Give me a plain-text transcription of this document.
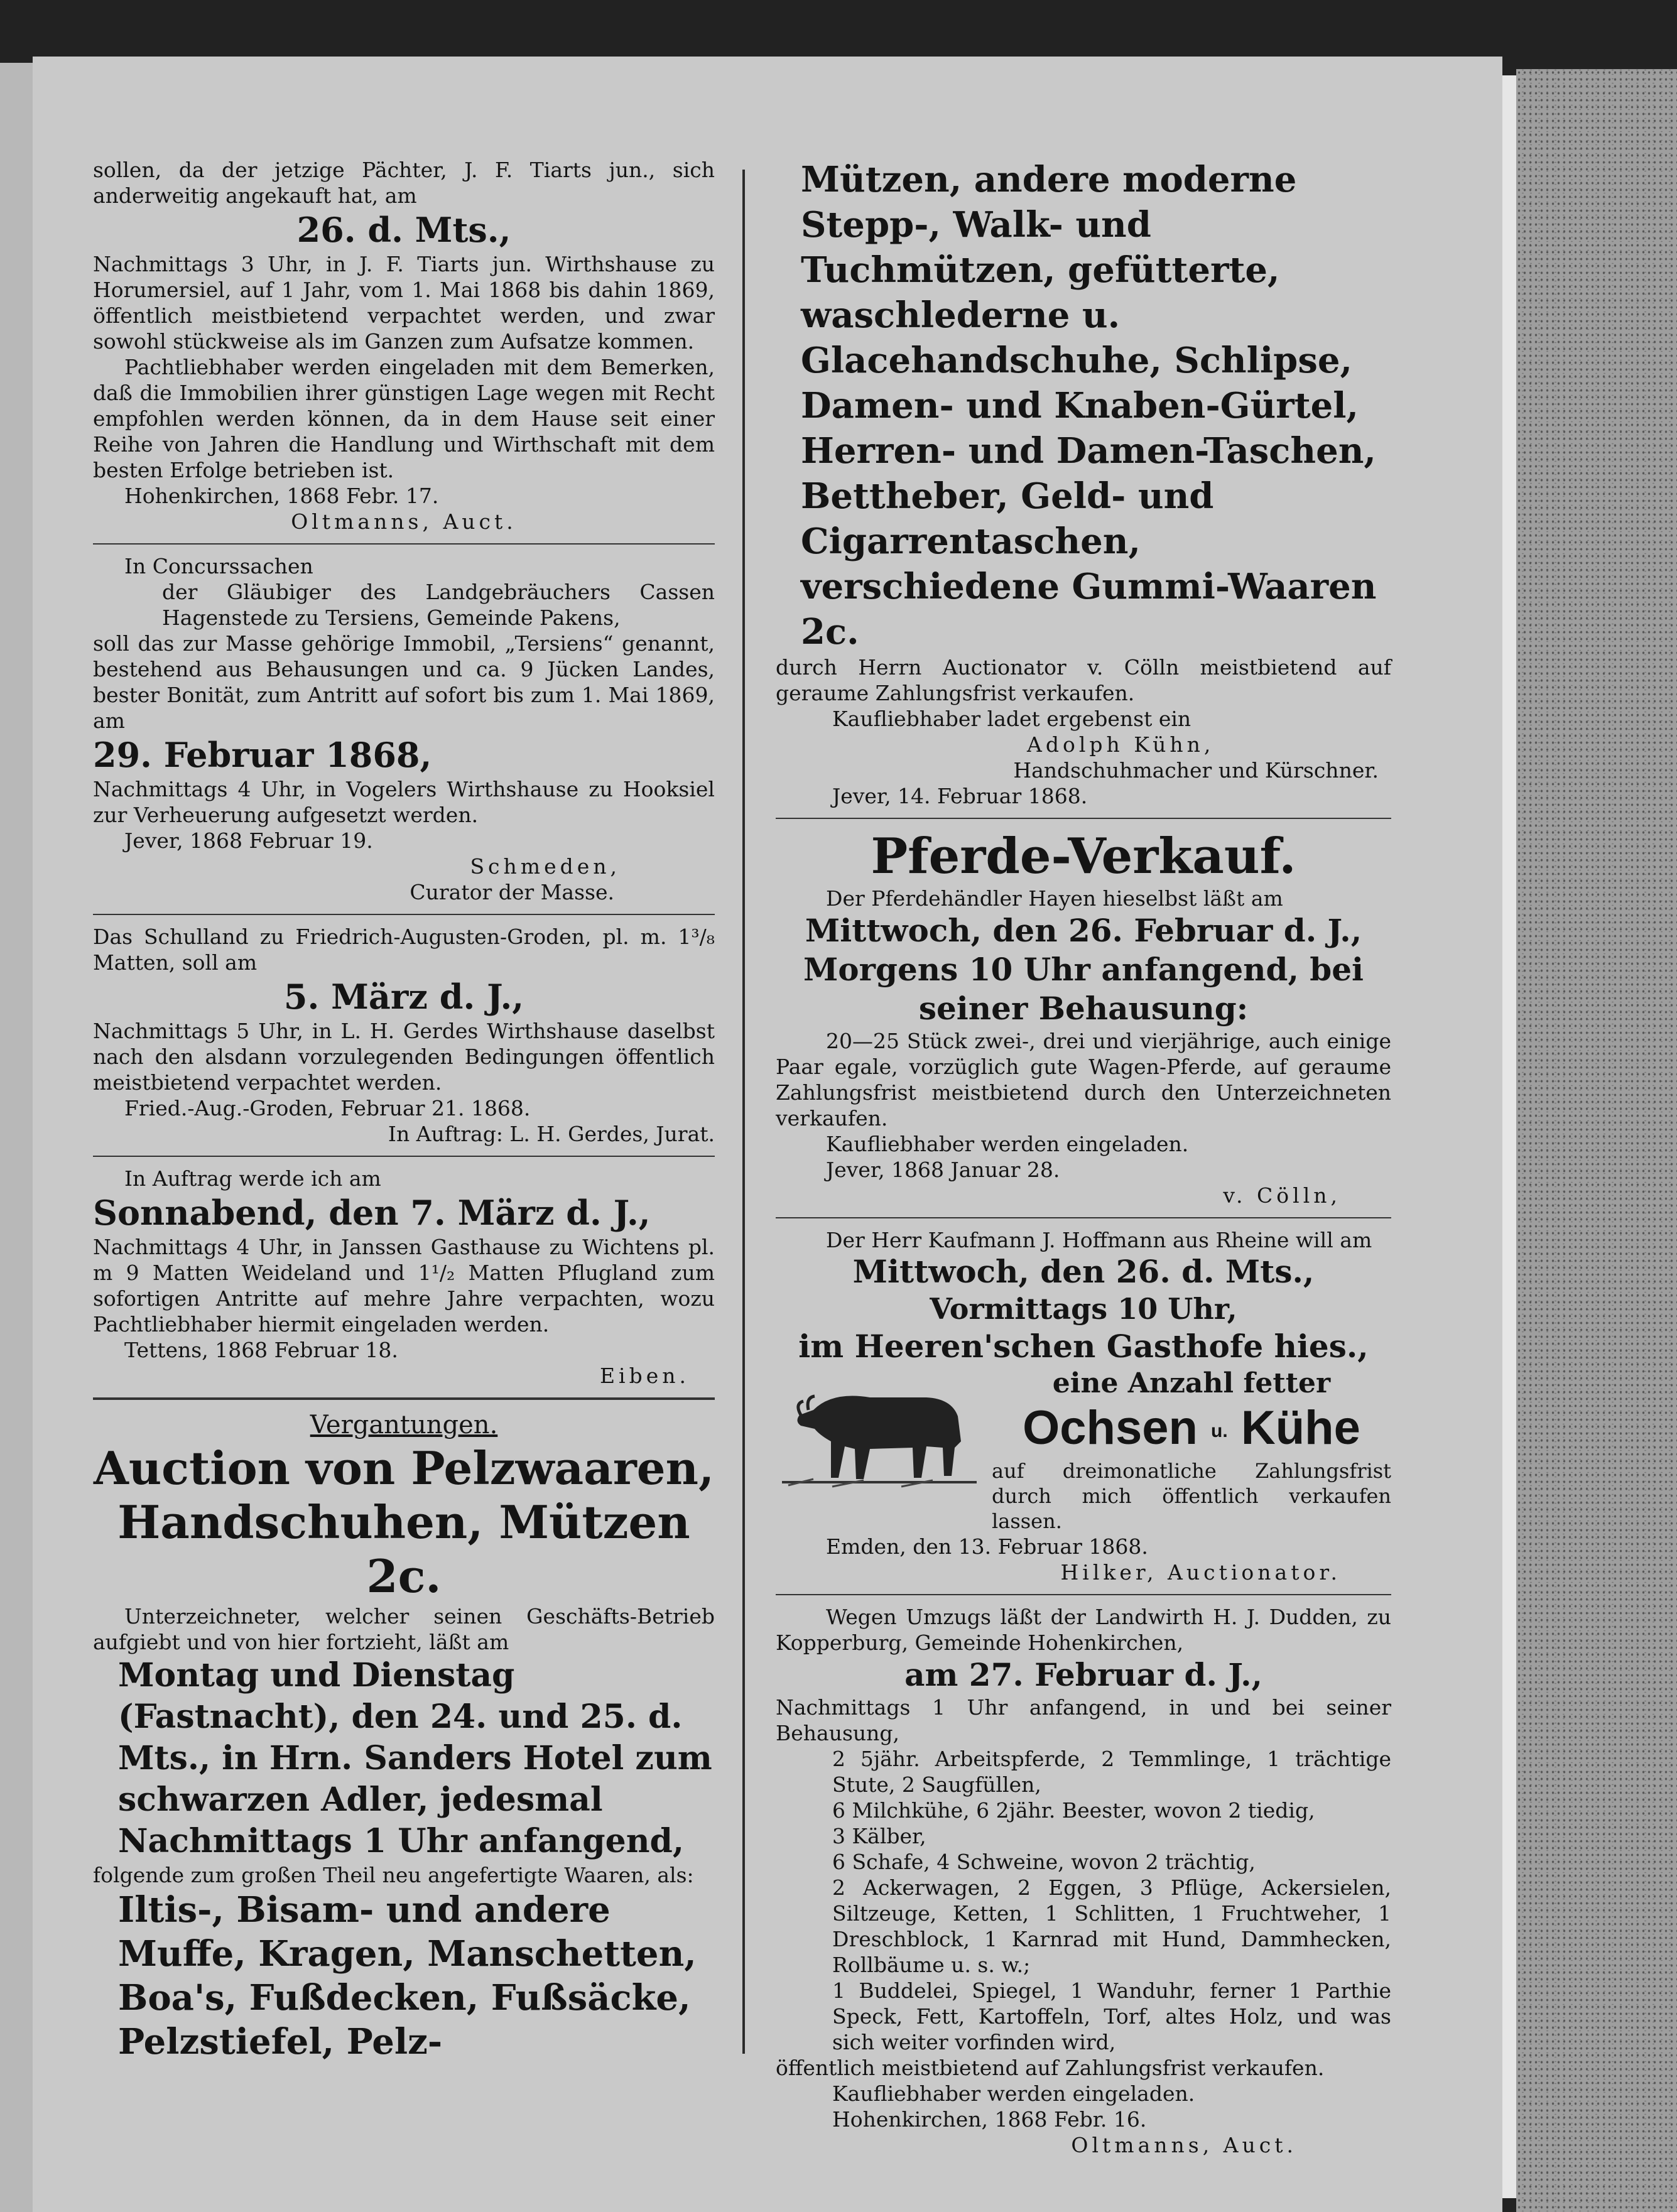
sollen, da der jetzige Pächter, J. F. Tiarts jun., sich anderweitig angekauft hat, am

26. d. Mts.,

Nachmittags 3 Uhr, in J. F. Tiarts jun. Wirthshause zu Horumersiel, auf 1 Jahr, vom 1. Mai 1868 bis dahin 1869, öffentlich meistbietend verpachtet werden, und zwar sowohl stückweise als im Ganzen zum Aufsatze kommen.

Pachtliebhaber werden eingeladen mit dem Bemerken, daß die Immobilien ihrer günstigen Lage wegen mit Recht empfohlen werden können, da in dem Hause seit einer Reihe von Jahren die Handlung und Wirthschaft mit dem besten Erfolge betrieben ist.

Hohenkirchen, 1868 Febr. 17.

Oltmanns, Auct.

In Concurssachen

der Gläubiger des Landgebräuchers Cassen Hagenstede zu Tersiens, Gemeinde Pakens,

soll das zur Masse gehörige Immobil, „Tersiens“ genannt, bestehend aus Behausungen und ca. 9 Jücken Landes, bester Bonität, zum Antritt auf sofort bis zum 1. Mai 1869, am

29. Februar 1868,

Nachmittags 4 Uhr, in Vogelers Wirthshause zu Hooksiel zur Verheuerung aufgesetzt werden.

Jever, 1868 Februar 19.

Schmeden,

Curator der Masse.

Das Schulland zu Friedrich-Augusten-Groden, pl. m. 1³/₈ Matten, soll am

5. März d. J.,

Nachmittags 5 Uhr, in L. H. Gerdes Wirthshause daselbst nach den alsdann vorzulegenden Bedingungen öffentlich meistbietend verpachtet werden.

Fried.-Aug.-Groden, Februar 21. 1868.

In Auftrag: L. H. Gerdes, Jurat.

In Auftrag werde ich am

Sonnabend, den 7. März d. J.,

Nachmittags 4 Uhr, in Janssen Gasthause zu Wichtens pl. m 9 Matten Weideland und 1¹/₂ Matten Pflugland zum sofortigen Antritte auf mehre Jahre verpachten, wozu Pachtliebhaber hiermit eingeladen werden.

Tettens, 1868 Februar 18.

Eiben.

Vergantungen.

Auction von Pelzwaaren, Handschuhen, Mützen 2c.

Unterzeichneter, welcher seinen Geschäfts-Betrieb aufgiebt und von hier fortzieht, läßt am

Montag und Dienstag (Fastnacht), den 24. und 25. d. Mts., in Hrn. Sanders Hotel zum schwarzen Adler, jedesmal Nachmittags 1 Uhr anfangend,

folgende zum großen Theil neu angefertigte Waaren, als:

Iltis-, Bisam- und andere Muffe, Kragen, Manschetten, Boa's, Fußdecken, Fußsäcke, Pelzstiefel, Pelz-

Mützen, andere moderne Stepp-, Walk- und Tuchmützen, gefütterte, waschlederne u. Glacehandschuhe, Schlipse, Damen- und Knaben-Gürtel, Herren- und Damen-Taschen, Bettheber, Geld- und Cigarrentaschen, verschiedene Gummi-Waaren 2c.

durch Herrn Auctionator v. Cölln meistbietend auf geraume Zahlungsfrist verkaufen.

Kaufliebhaber ladet ergebenst ein

Adolph Kühn,

Handschuhmacher und Kürschner.

Jever, 14. Februar 1868.

Pferde-Verkauf.

Der Pferdehändler Hayen hieselbst läßt am

Mittwoch, den 26. Februar d. J., Morgens 10 Uhr anfangend, bei seiner Behausung:

20—25 Stück zwei-, drei und vierjährige, auch einige Paar egale, vorzüglich gute Wagen-Pferde, auf geraume Zahlungsfrist meistbietend durch den Unterzeichneten verkaufen.

Kaufliebhaber werden eingeladen.

Jever, 1868 Januar 28.

v. Cölln,

Der Herr Kaufmann J. Hoffmann aus Rheine will am

Mittwoch, den 26. d. Mts.,

Vormittags 10 Uhr,

im Heeren'schen Gasthofe hies.,

eine Anzahl fetter

Ochsen u. Kühe

auf dreimonatliche Zahlungsfrist durch mich öffentlich verkaufen lassen.

Emden, den 13. Februar 1868.

Hilker, Auctionator.

Wegen Umzugs läßt der Landwirth H. J. Dudden, zu Kopperburg, Gemeinde Hohenkirchen,

am 27. Februar d. J.,

Nachmittags 1 Uhr anfangend, in und bei seiner Behausung,

2 5jähr. Arbeitspferde, 2 Temmlinge, 1 trächtige Stute, 2 Saugfüllen,

6 Milchkühe, 6 2jähr. Beester, wovon 2 tiedig,

3 Kälber,

6 Schafe, 4 Schweine, wovon 2 trächtig,

2 Ackerwagen, 2 Eggen, 3 Pflüge, Ackersielen, Siltzeuge, Ketten, 1 Schlitten, 1 Fruchtweher, 1 Dreschblock, 1 Karnrad mit Hund, Dammhecken, Rollbäume u. s. w.;

1 Buddelei, Spiegel, 1 Wanduhr, ferner 1 Parthie Speck, Fett, Kartoffeln, Torf, altes Holz, und was sich weiter vorfinden wird,

öffentlich meistbietend auf Zahlungsfrist verkaufen.

Kaufliebhaber werden eingeladen.

Hohenkirchen, 1868 Febr. 16.

Oltmanns, Auct.
